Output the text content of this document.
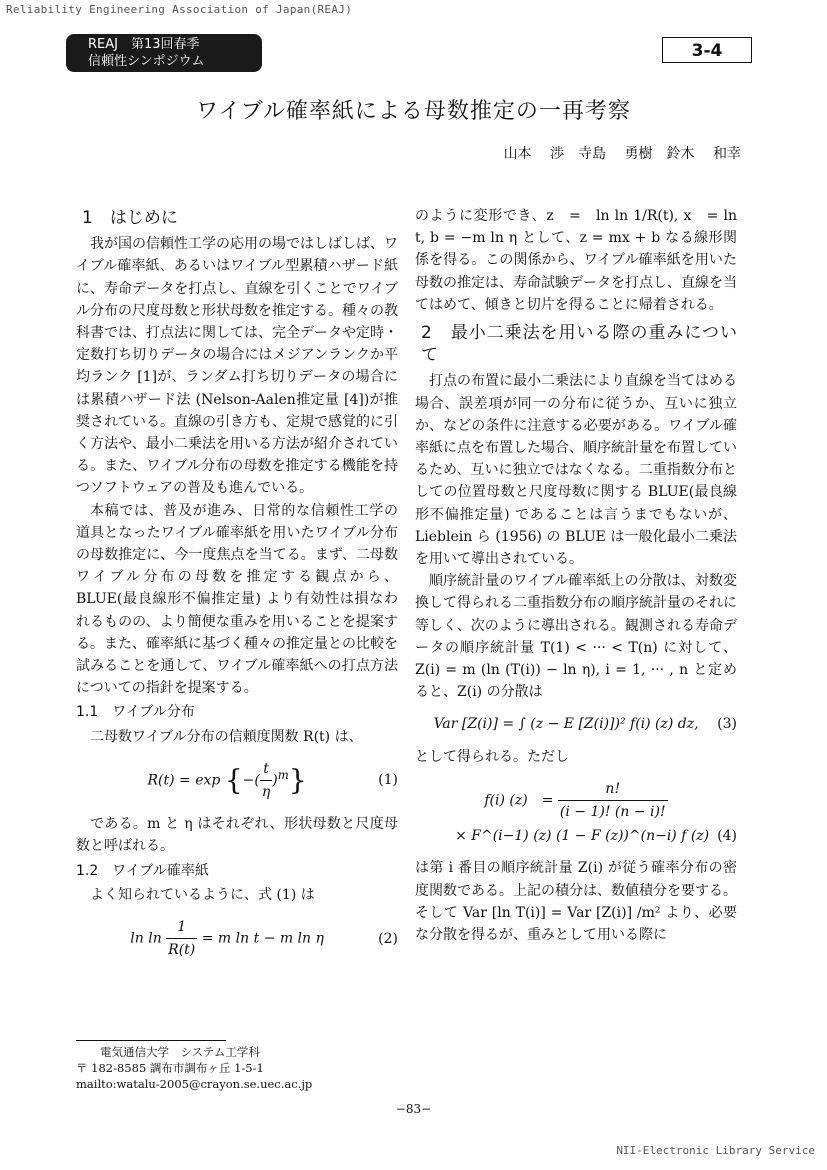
Reliability Engineering Association of Japan(REAJ)
REAJ　第13回春季
信頼性シンポジウム
3-4
ワイブル確率紙による母数推定の一再考察
山本 渉　寺島 勇樹　鈴木 和幸
1　はじめに

我が国の信頼性工学の応用の場ではしばしば、ワイブル確率紙、あるいはワイブル型累積ハザード紙に、寿命データを打点し、直線を引くことでワイブル分布の尺度母数と形状母数を推定する。種々の教科書では、打点法に関しては、完全データや定時・定数打ち切りデータの場合にはメジアンランクか平均ランク [1]が、ランダム打ち切りデータの場合には累積ハザード法 (Nelson-Aalen推定量 [4])が推奨されている。直線の引き方も、定規で感覚的に引く方法や、最小二乗法を用いる方法が紹介されている。また、ワイブル分布の母数を推定する機能を持つソフトウェアの普及も進んでいる。

本稿では、普及が進み、日常的な信頼性工学の道具となったワイブル確率紙を用いたワイブル分布の母数推定に、今一度焦点を当てる。まず、二母数ワイブル分布の母数を推定する観点から、BLUE(最良線形不偏推定量) より有効性は損なわれるものの、より簡便な重みを用いることを提案する。また、確率紙に基づく種々の推定量との比較を試みることを通して、ワイブル確率紙への打点方法についての指針を提案する。

1.1　ワイブル分布

二母数ワイブル分布の信頼度関数 R(t) は、

R(t) = exp {−( $\frac{t}{\eta} )^m$}	(1)

である。m と η はそれぞれ、形状母数と尺度母数と呼ばれる。

1.2　ワイブル確率紙

よく知られているように、式 (1) は

$\ln \ln \frac{1}{R(t)} = m$ ln t − m ln η	(2)

のように変形でき、z　=　ln ln 1/R(t), x　= ln t, b = −m ln η として、z = mx + b なる線形関係を得る。この関係から、ワイブル確率紙を用いた母数の推定は、寿命試験データを打点し、直線を当てはめて、傾きと切片を得ることに帰着される。

2　最小二乗法を用いる際の重みについて

打点の布置に最小二乗法により直線を当てはめる場合、誤差項が同一の分布に従うか、互いに独立か、などの条件に注意する必要がある。ワイブル確率紙に点を布置した場合、順序統計量を布置しているため、互いに独立ではなくなる。二重指数分布としての位置母数と尺度母数に関する BLUE(最良線形不偏推定量) であることは言うまでもないが、Lieblein ら (1956) の BLUE は一般化最小二乗法を用いて導出されている。

順序統計量のワイブル確率紙上の分散は、対数変換して得られる二重指数分布の順序統計量のそれに等しく、次のように導出される。観測される寿命データの順序統計量 T(1) < ··· < T(n) に対して、Z(i) = m (ln (T(i)) − ln η), i = 1, ··· , n と定めると、Z(i) の分散は

Var [Z(i)] = ∫ (z − E [Z(i)])² f(i) (z) dz,	(3)

として得られる。ただし

f(i) (z)　= $\frac{n!}{(i - 1)! (n - i)!}$
× F^(i−1) (z) (1 − F (z))^(n−i) f (z) (4)

は第 i 番目の順序統計量 Z(i) が従う確率分布の密度関数である。上記の積分は、数値積分を要する。そして Var [ln T(i)] = Var [Z(i)] /m² より、必要な分散を得るが、重みとして用いる際に

電気通信大学　システム工学科
〒 182-8585 調布市調布ヶ丘 1-5-1
mailto:watalu-2005@crayon.se.uec.ac.jp
−83−
NII-Electronic Library Service
